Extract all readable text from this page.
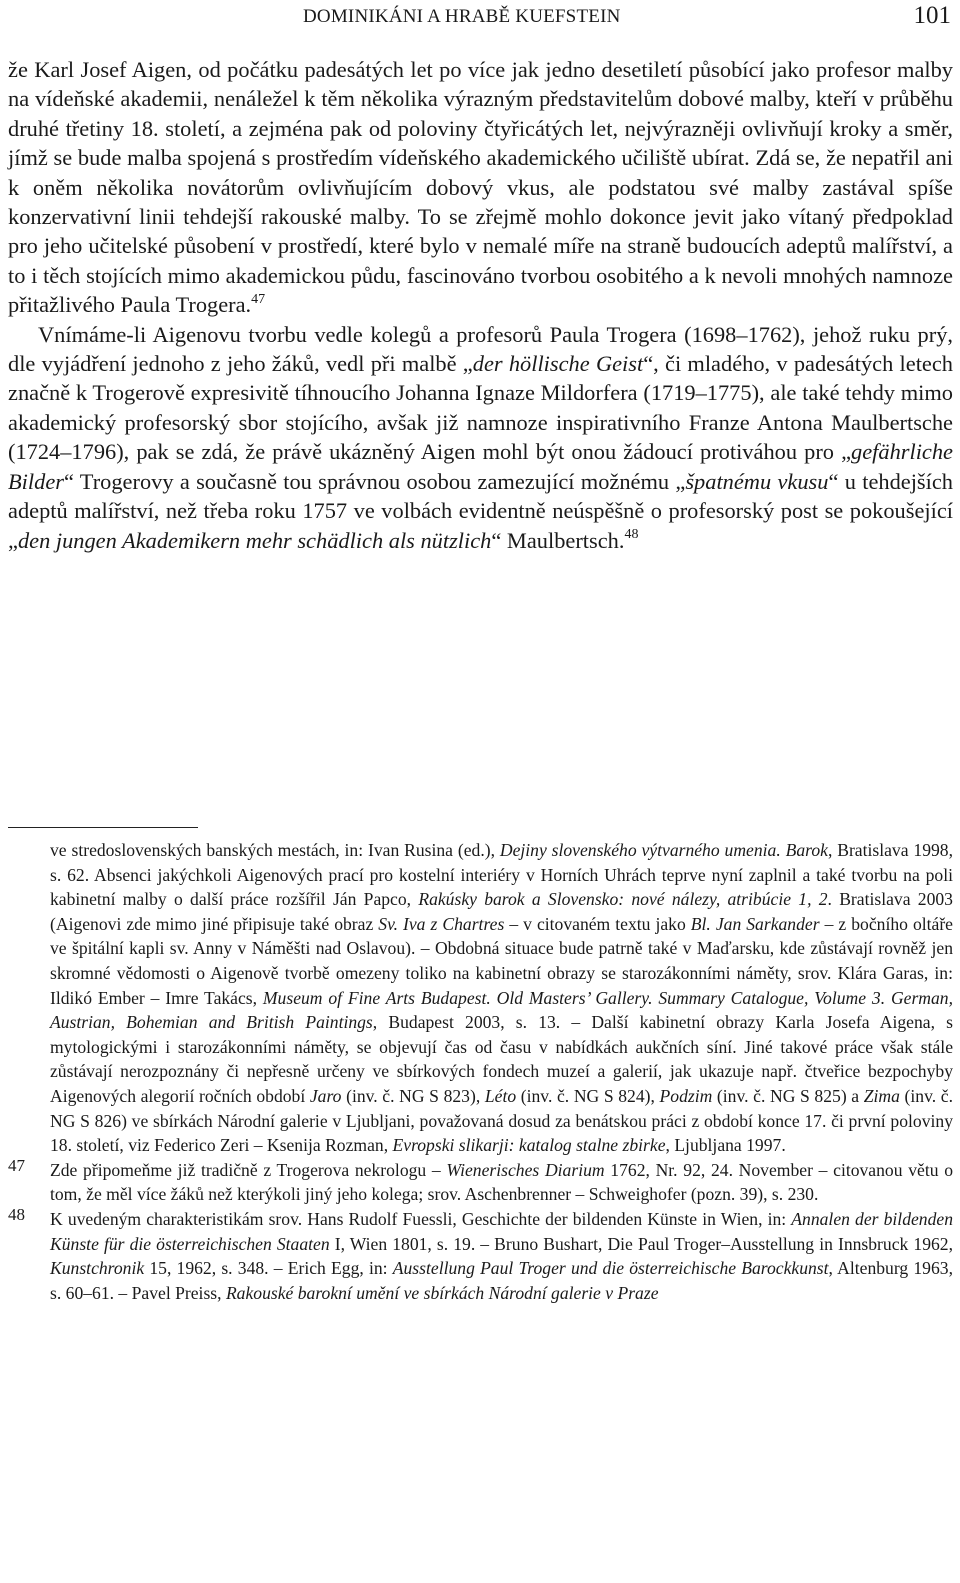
DOMINIKÁNI A HRABĚ KUEFSTEIN	101

že Karl Josef Aigen, od počátku padesátých let po více jak jedno desetiletí působící jako profesor malby na vídeňské akademii, nenáležel k těm několika výrazným představitelům dobové malby, kteří v průběhu druhé třetiny 18. století, a zejména pak od poloviny čtyřicátých let, nejvýrazněji ovlivňují kroky a směr, jímž se bude malba spojená s prostředím vídeňského akademického učiliště ubírat. Zdá se, že nepatřil ani k oněm několika novátorům ovlivňujícím dobový vkus, ale podstatou své malby zastával spíše konzervativní linii tehdejší rakouské malby. To se zřejmě mohlo dokonce jevit jako vítaný předpoklad pro jeho učitelské působení v prostředí, které bylo v nemalé míře na straně budoucích adeptů malířství, a to i těch stojících mimo akademickou půdu, fascinováno tvorbou osobitého a k nevoli mnohých namnoze přitažlivého Paula Trogera.$^{47}$

Vnímáme-li Aigenovu tvorbu vedle kolegů a profesorů Paula Trogera (1698–1762), jehož ruku prý, dle vyjádření jednoho z jeho žáků, vedl při malbě „der höllische Geist“, či mladého, v padesátých letech značně k Trogerově expresivitě tíhnoucího Johanna Ignaze Mildorfera (1719–1775), ale také tehdy mimo akademický profesorský sbor stojícího, avšak již namnoze inspirativního Franze Antona Maulbertsche (1724–1796), pak se zdá, že právě ukázněný Aigen mohl být onou žádoucí protiváhou pro „gefährliche Bilder“ Trogerovy a současně tou správnou osobou zamezující možnému „špatnému vkusu“ u tehdejších adeptů malířství, než třeba roku 1757 ve volbách evidentně neúspěšně o profesorský post se pokoušející „den jungen Akademikern mehr schädlich als nützlich“ Maulbertsch.$^{48}$

ve stredoslovenských banských mestách, in: Ivan Rusina (ed.), Dejiny slovenského výtvarného umenia. Barok, Bratislava 1998, s. 62. Absenci jakýchkoli Aigenových prací pro kostelní interiéry v Horních Uhrách teprve nyní zaplnil a také tvorbu na poli kabinetní malby o další práce rozšířil Ján Papco, Rakúsky barok a Slovensko: nové nálezy, atribúcie 1, 2. Bratislava 2003 (Aigenovi zde mimo jiné připisuje také obraz Sv. Iva z Chartres – v citovaném textu jako Bl. Jan Sarkander – z bočního oltáře ve špitální kapli sv. Anny v Náměšti nad Oslavou). – Obdobná situace bude patrně také v Maďarsku, kde zůstávají rovněž jen skromné vědomosti o Aigenově tvorbě omezeny toliko na kabinetní obrazy se starozákonními náměty, srov. Klára Garas, in: Ildikó Ember – Imre Takács, Museum of Fine Arts Budapest. Old Masters’ Gallery. Summary Catalogue, Volume 3. German, Austrian, Bohemian and British Paintings, Budapest 2003, s. 13. – Další kabinetní obrazy Karla Josefa Aigena, s mytologickými i starozákonními náměty, se objevují čas od času v nabídkách aukčních síní. Jiné takové práce však stále zůstávají nerozpoznány či nepřesně určeny ve sbírkových fondech muzeí a galerií, jak ukazuje např. čtveřice bezpochyby Aigenových alegorií ročních období Jaro (inv. č. NG S 823), Léto (inv. č. NG S 824), Podzim (inv. č. NG S 825) a Zima (inv. č. NG S 826) ve sbírkách Národní galerie v Ljubljani, považovaná dosud za benátskou práci z období konce 17. či první poloviny 18. století, viz Federico Zeri – Ksenija Rozman, Evropski slikarji: katalog stalne zbirke, Ljubljana 1997.
47 Zde připomeňme již tradičně z Trogerova nekrologu – Wienerisches Diarium 1762, Nr. 92, 24. November – citovanou větu o tom, že měl více žáků než kterýkoli jiný jeho kolega; srov. Aschenbrenner – Schweighofer (pozn. 39), s. 230.
48 K uvedeným charakteristikám srov. Hans Rudolf Fuessli, Geschichte der bildenden Künste in Wien, in: Annalen der bildenden Künste für die österreichischen Staaten I, Wien 1801, s. 19. – Bruno Bushart, Die Paul Troger–Ausstellung in Innsbruck 1962, Kunstchronik 15, 1962, s. 348. – Erich Egg, in: Ausstellung Paul Troger und die österreichische Barockkunst, Altenburg 1963, s. 60–61. – Pavel Preiss, Rakouské barokní umění ve sbírkách Národní galerie v Praze
